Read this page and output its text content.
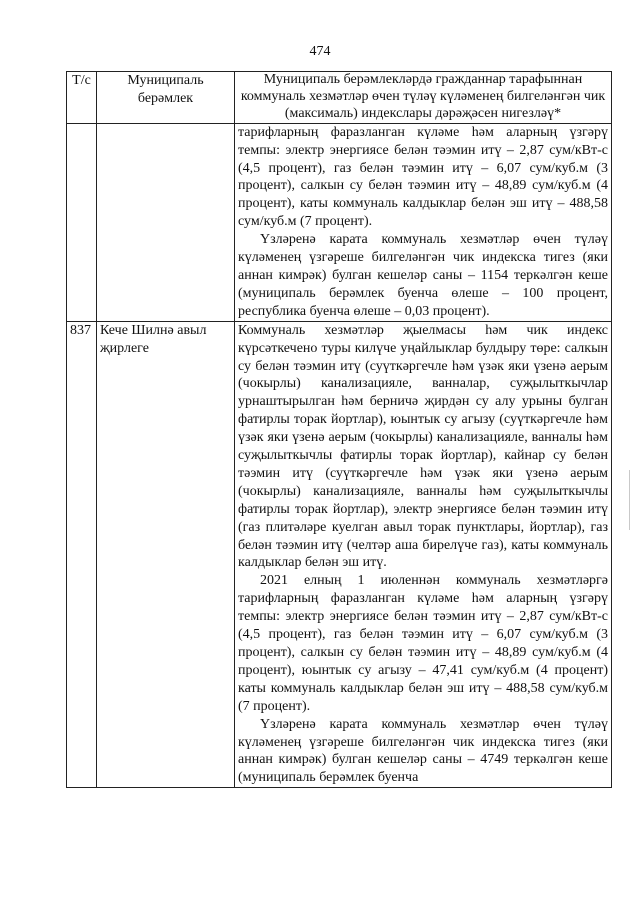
474
Т/с	Муниципаль берәмлек	Муниципаль берәмлекләрдә гражданнар тарафыннан коммуналь хезмәтләр өчен түләү күләменең билгеләнгән чик (максималь) индекслары дәрәҗәсен нигезләү*

		тарифларның фаразланган күләме һәм аларның үзгәрү темпы: электр энергиясе белән тәэмин итү – 2,87 сум/кВт-с (4,5 процент), газ белән тәэмин итү – 6,07 сум/куб.м (3 процент), салкын су белән тәэмин итү – 48,89 сум/куб.м (4 процент), каты коммуналь калдыклар белән эш итү – 488,58 сум/куб.м (7 процент).

Үзләренә карата коммуналь хезмәтләр өчен түләү күләменең үзгәреше билгеләнгән чик индекска тигез (яки аннан кимрәк) булган кешеләр саны – 1154 теркәлгән кеше (муниципаль берәмлек буенча өлеше – 100 процент, республика буенча өлеше – 0,03 процент).

837	Кече Шилнә авыл җирлеге	Коммуналь хезмәтләр җыелмасы һәм чик индекс күрсәткечено туры килүче уңайлыклар булдыру төре: салкын су белән тәэмин итү (суүткәргечле һәм үзәк яки үзенә аерым (чокырлы) канализацияле, ванналар, суҗылыткычлар урнаштырылган һәм берничә җирдән су алу урыны булган фатирлы торак йортлар), юынтык су агызу (суүткәргечле һәм үзәк яки үзенә аерым (чокырлы) канализацияле, ванналы һәм суҗылыткычлы фатирлы торак йортлар), кайнар су белән тәэмин итү (суүткәргечле һәм үзәк яки үзенә аерым (чокырлы) канализацияле, ванналы һәм суҗылыткычлы фатирлы торак йортлар), электр энергиясе белән тәэмин итү (газ плитәләре куелган авыл торак пунктлары, йортлар), газ белән тәэмин итү (челтәр аша бирелүче газ), каты коммуналь калдыклар белән эш итү.

2021 елның 1 июленнән коммуналь хезмәтләргә тарифларның фаразланган күләме һәм аларның үзгәрү темпы: электр энергиясе белән тәэмин итү – 2,87 сум/кВт-с (4,5 процент), газ белән тәэмин итү – 6,07 сум/куб.м (3 процент), салкын су белән тәэмин итү – 48,89 сум/куб.м (4 процент), юынтык су агызу – 47,41 сум/куб.м (4 процент) каты коммуналь калдыклар белән эш итү – 488,58 сум/куб.м (7 процент).

Үзләренә карата коммуналь хезмәтләр өчен түләү күләменең үзгәреше билгеләнгән чик индекска тигез (яки аннан кимрәк) булган кешеләр саны – 4749 теркәлгән кеше (муниципаль берәмлек буенча
